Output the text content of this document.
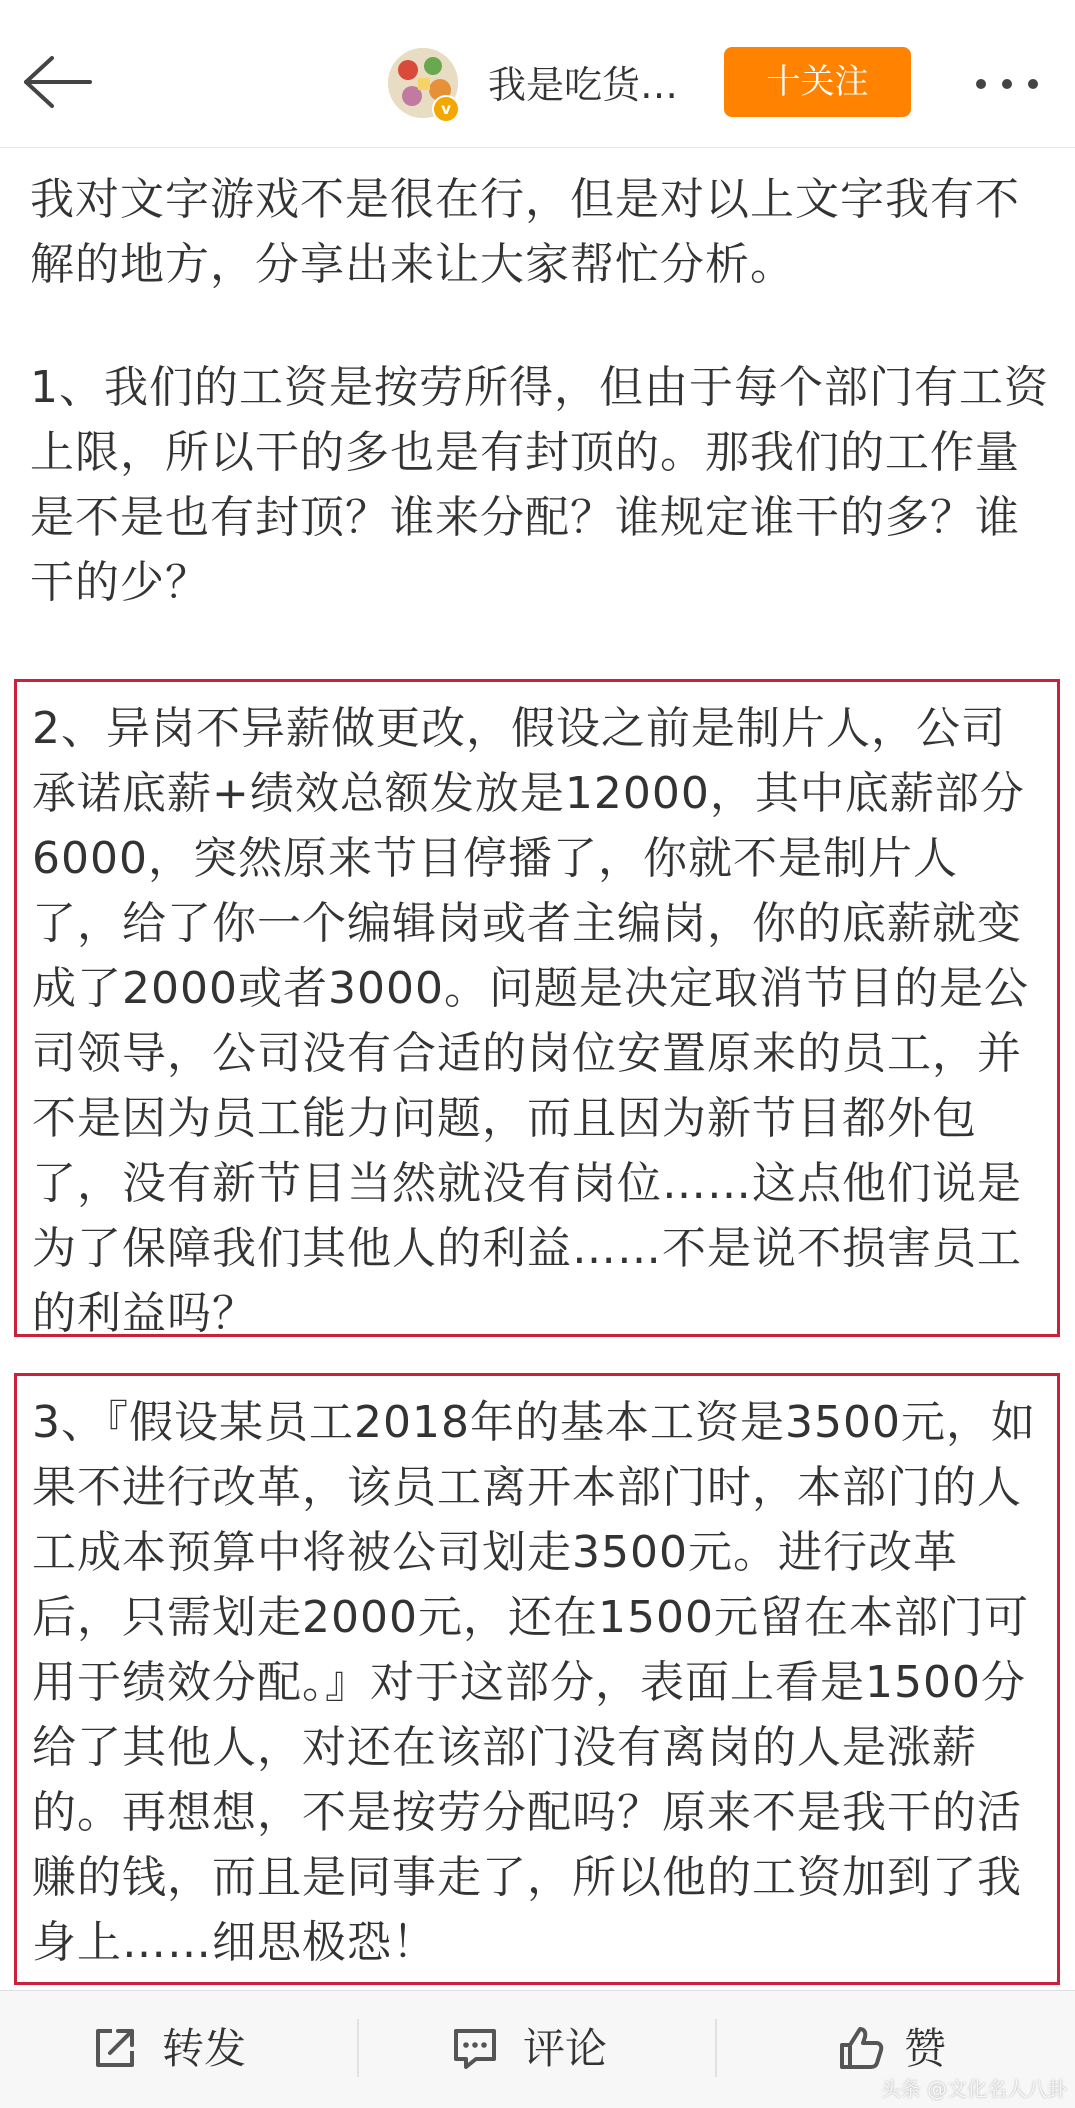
v
我是吃货…	十关注

我对文字游戏不是很在行，但是对以上文字我有不解的地方，分享出来让大家帮忙分析。

1、我们的工资是按劳所得，但由于每个部门有工资上限，所以干的多也是有封顶的。那我们的工作量是不是也有封顶？谁来分配？谁规定谁干的多？谁干的少？

2、异岗不异薪做更改，假设之前是制片人，公司承诺底薪+绩效总额发放是12000，其中底薪部分6000，突然原来节目停播了，你就不是制片人了，给了你一个编辑岗或者主编岗，你的底薪就变成了2000或者3000。问题是决定取消节目的是公司领导，公司没有合适的岗位安置原来的员工，并不是因为员工能力问题，而且因为新节目都外包了，没有新节目当然就没有岗位……这点他们说是为了保障我们其他人的利益……不是说不损害员工的利益吗？

3、『假设某员工2018年的基本工资是3500元，如果不进行改革，该员工离开本部门时，本部门的人工成本预算中将被公司划走3500元。进行改革后，只需划走2000元，还在1500元留在本部门可用于绩效分配。』对于这部分，表面上看是1500分给了其他人，对还在该部门没有离岗的人是涨薪的。再想想，不是按劳分配吗？原来不是我干的活赚的钱，而且是同事走了，所以他的工资加到了我身上……细思极恐！

转发	评论	赞
头条 @文化名人八卦
